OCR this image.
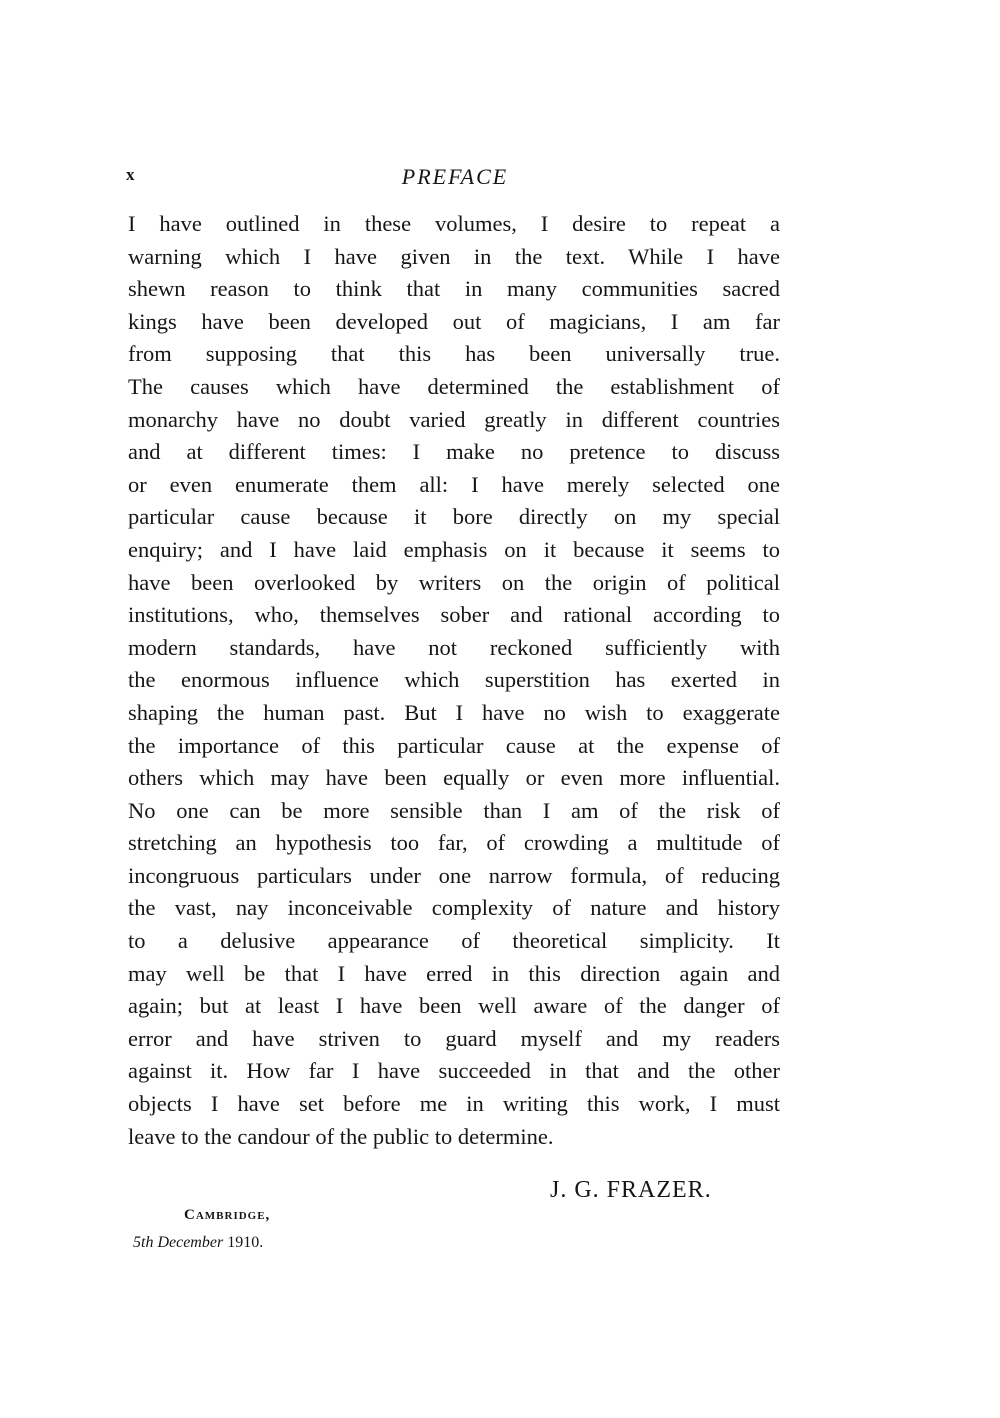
x	PREFACE
I have outlined in these volumes, I desire to repeat a
warning which I have given in the text. While I have
shewn reason to think that in many communities sacred
kings have been developed out of magicians, I am far
from supposing that this has been universally true.
The causes which have determined the establishment of
monarchy have no doubt varied greatly in different countries
and at different times: I make no pretence to discuss
or even enumerate them all: I have merely selected one
particular cause because it bore directly on my special
enquiry; and I have laid emphasis on it because it seems to
have been overlooked by writers on the origin of political
institutions, who, themselves sober and rational according to
modern standards, have not reckoned sufficiently with
the enormous influence which superstition has exerted in
shaping the human past. But I have no wish to exaggerate
the importance of this particular cause at the expense of
others which may have been equally or even more influential.
No one can be more sensible than I am of the risk of
stretching an hypothesis too far, of crowding a multitude of
incongruous particulars under one narrow formula, of reducing
the vast, nay inconceivable complexity of nature and history
to a delusive appearance of theoretical simplicity. It
may well be that I have erred in this direction again and
again; but at least I have been well aware of the danger of
error and have striven to guard myself and my readers
against it. How far I have succeeded in that and the other
objects I have set before me in writing this work, I must
leave to the candour of the public to determine.
J. G. FRAZER.
Cambridge,
5th December 1910.
